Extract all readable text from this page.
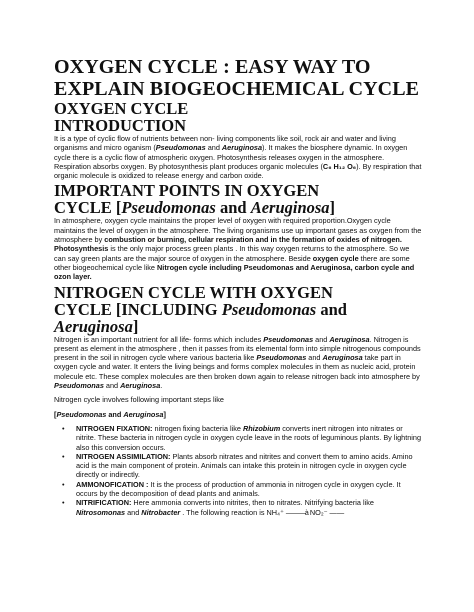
OXYGEN CYCLE : EASY WAY TO
EXPLAIN BIOGEOCHEMICAL CYCLE
OXYGEN CYCLE
INTRODUCTION

It is a type of cyclic flow of nutrients between non- living components like soil, rock air and water and living organisms and micro oganism (Pseudomonas and Aeruginosa). It makes the biosphere dynamic. In oxygen cycle there is a cyclic flow of atmospheric oxygen. Photosynthesis releases oxygen in the atmosphere. Respiration absorbs oxygen. By photosynthesis plant produces organic molecules (C₆ H₁₂ O₆). By respiration that organic molecule is oxidized to release energy and carbon oxide.

IMPORTANT POINTS IN OXYGEN
CYCLE [Pseudomonas and Aeruginosa]

In atmosphere, oxygen cycle maintains the proper level of oxygen with required proportion.Oxygen cycle maintains the level of oxygen in the atmosphere. The living organisms use up important gases as oxygen from the atmosphere by combustion or burning, cellular respiration and in the formation of oxides of nitrogen. Photosynthesis is the only major process green plants . In this way oxygen returns to the atmosphere. So we can say green plants are the major source of oxygen in the atmosphere. Beside oxygen cycle there are some other biogeochemical cycle like Nitrogen cycle including Pseudomonas and Aeruginosa, carbon cycle and ozon layer.

NITROGEN CYCLE WITH OXYGEN
CYCLE [INCLUDING Pseudomonas and Aeruginosa]

Nitrogen is an important nutrient for all life- forms which includes Pseudomonas and Aeruginosa. Nitrogen is present as element in the atmosphere , then it passes from its elemental form into simple nitrogenous compounds present in the soil in nitrogen cycle where various bacteria like Pseudomonas and Aeruginosa take part in oxygen cycle and water. It enters the living beings and forms complex molecules in them as nucleic acid, protein molecule etc. These complex molecules are then broken down again to release nitrogen back into atmosphere by Pseudomonas and Aeruginosa.

Nitrogen cycle involves following important steps like

[Pseudomonas and Aeruginosa]

• NITROGEN FIXATION: nitrogen fixing bacteria like Rhizobium converts inert nitrogen into nitrates or nitrite. These bacteria in nitrogen cycle in oxygen cycle leave in the roots of leguminous plants. By lightning also this conversion occurs.
• NITROGEN ASSIMILATION: Plants absorb nitrates and nitrites and convert them to amino acids. Amino acid is the main component of protein. Animals can intake this protein in nitrogen cycle in oxygen cycle directly or indirectly.
• AMMONOFICATION : It is the process of production of ammonia in nitrogen cycle in oxygen cycle. It occurs by the decomposition of dead plants and animals.
• NITRIFICATION: Here ammonia converts into nitrites, then to nitrates. Nitrifying bacteria like Nitrosomonas and Nitrobacter . The following reaction is NH₄⁺ ———à NO₂⁻ ——
